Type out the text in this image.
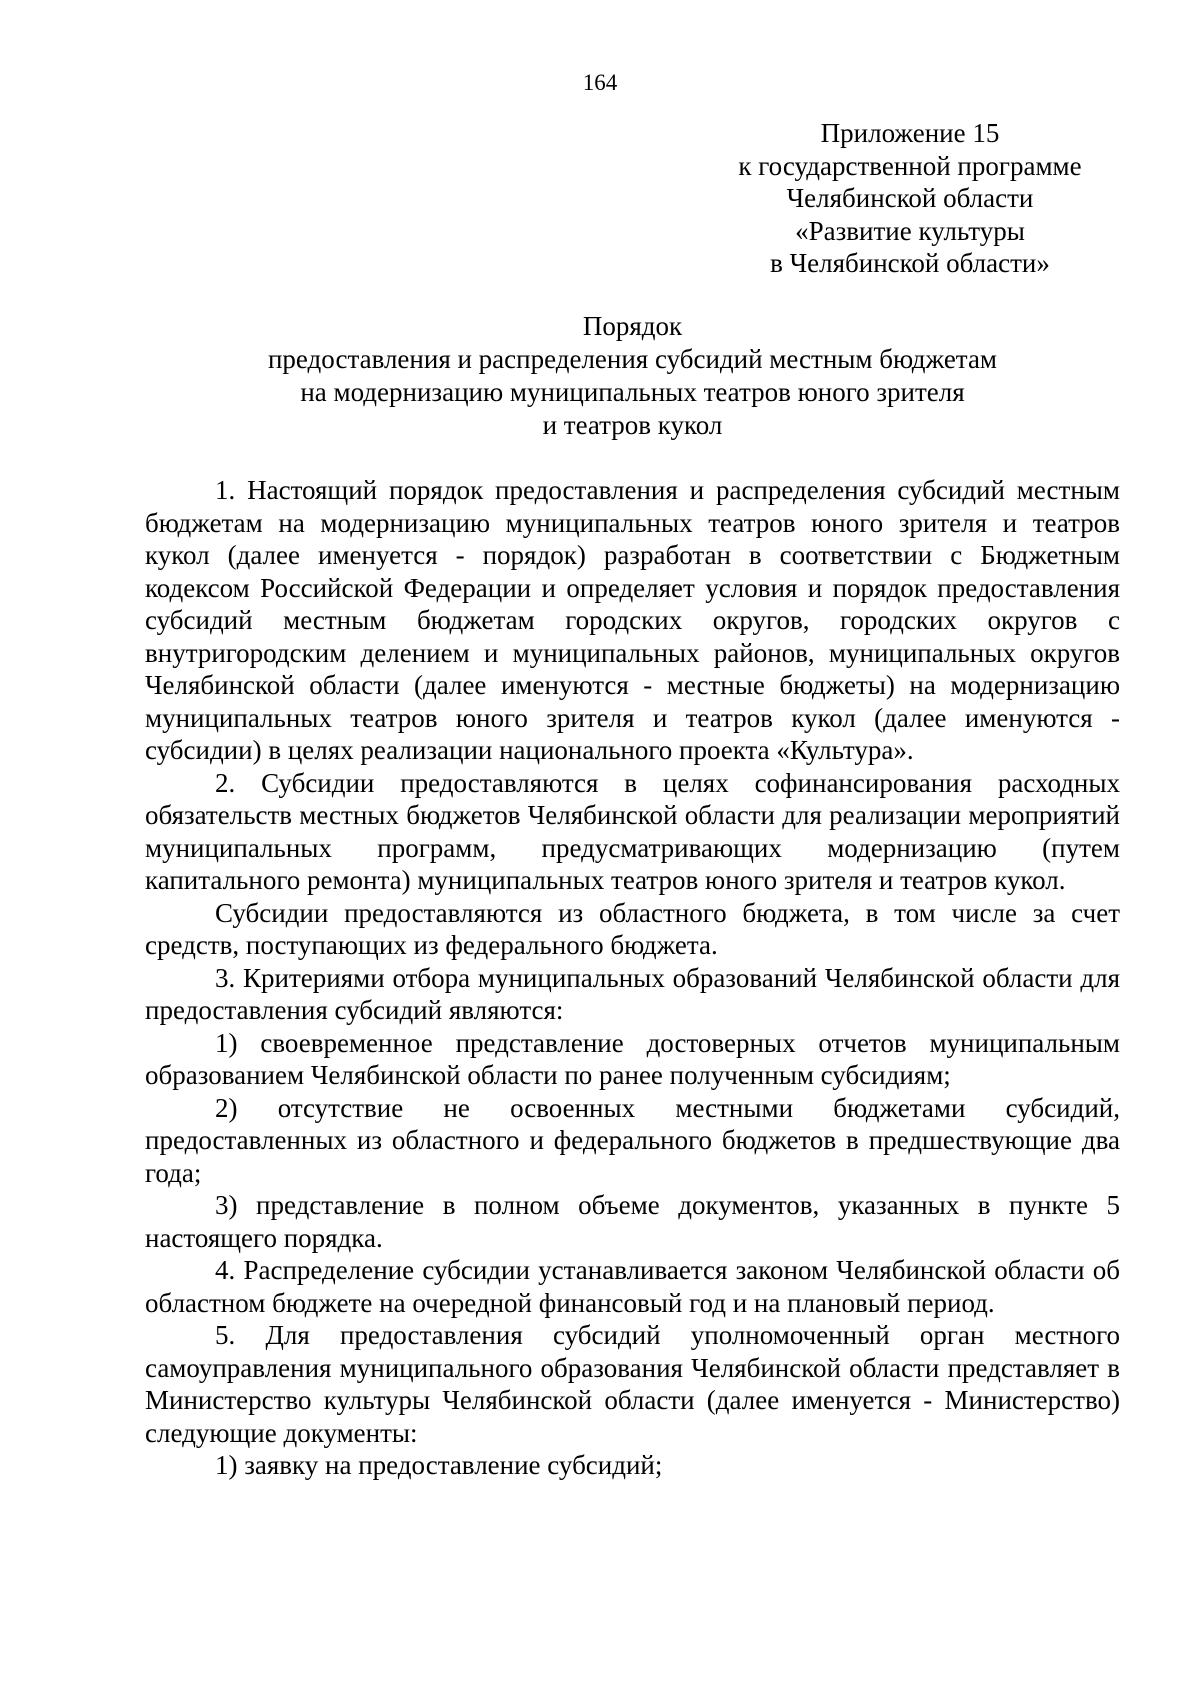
164
Приложение 15
к государственной программе
Челябинской области
«Развитие культуры
в Челябинской области»
Порядок
предоставления и распределения субсидий местным бюджетам
на модернизацию муниципальных театров юного зрителя
и театров кукол

1. Настоящий порядок предоставления и распределения субсидий местным бюджетам на модернизацию муниципальных театров юного зрителя и театров кукол (далее именуется - порядок) разработан в соответствии с Бюджетным кодексом Российской Федерации и определяет условия и порядок предоставления субсидий местным бюджетам городских округов, городских округов с внутригородским делением и муниципальных районов, муниципальных округов Челябинской области (далее именуются - местные бюджеты) на модернизацию муниципальных театров юного зрителя и театров кукол (далее именуются - субсидии) в целях реализации национального проекта «Культура».

2. Субсидии предоставляются в целях софинансирования расходных обязательств местных бюджетов Челябинской области для реализации мероприятий муниципальных программ, предусматривающих модернизацию (путем капитального ремонта) муниципальных театров юного зрителя и театров кукол.

Субсидии предоставляются из областного бюджета, в том числе за счет средств, поступающих из федерального бюджета.

3. Критериями отбора муниципальных образований Челябинской области для предоставления субсидий являются:

1) своевременное представление достоверных отчетов муниципальным образованием Челябинской области по ранее полученным субсидиям;

2) отсутствие не освоенных местными бюджетами субсидий, предоставленных из областного и федерального бюджетов в предшествующие два года;

3) представление в полном объеме документов, указанных в пункте 5 настоящего порядка.

4. Распределение субсидии устанавливается законом Челябинской области об областном бюджете на очередной финансовый год и на плановый период.

5. Для предоставления субсидий уполномоченный орган местного самоуправления муниципального образования Челябинской области представляет в Министерство культуры Челябинской области (далее именуется - Министерство) следующие документы:

1) заявку на предоставление субсидий;
